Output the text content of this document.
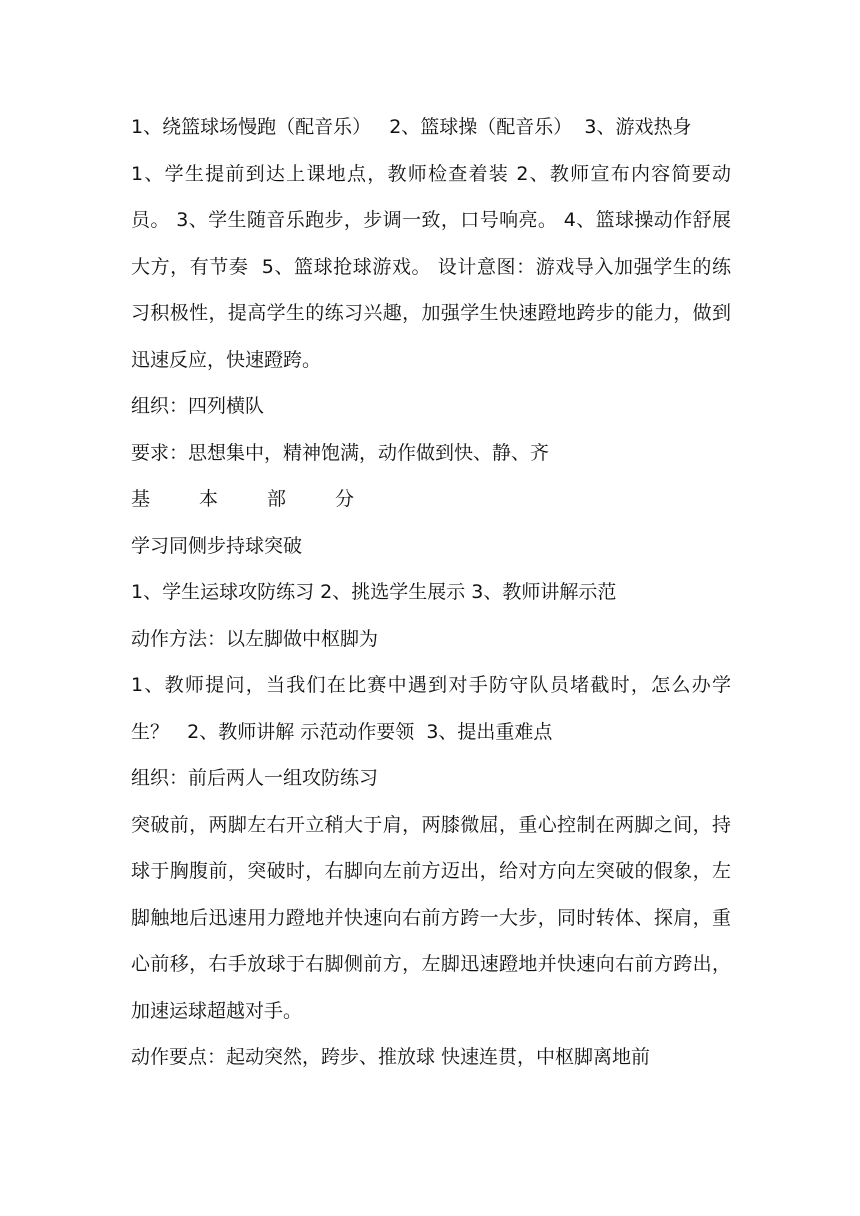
1、绕篮球场慢跑（配音乐）   2、篮球操（配音乐）  3、游戏热身

1、学生提前到达上课地点，教师检查着装 2、教师宣布内容简要动员。 3、学生随音乐跑步，步调一致，口号响亮。 4、篮球操动作舒展大方，有节奏  5、篮球抢球游戏。 设计意图：游戏导入加强学生的练习积极性，提高学生的练习兴趣，加强学生快速蹬地跨步的能力，做到迅速反应，快速蹬跨。

组织：四列横队

要求：思想集中，精神饱满，动作做到快、静、齐

基	本	部	分

学习同侧步持球突破

1、学生运球攻防练习 2、挑选学生展示 3、教师讲解示范

动作方法：以左脚做中枢脚为

1、教师提问，当我们在比赛中遇到对手防守队员堵截时，怎么办学生？   2、教师讲解 示范动作要领  3、提出重难点

组织：前后两人一组攻防练习

突破前，两脚左右开立稍大于肩，两膝微屈，重心控制在两脚之间，持球于胸腹前，突破时，右脚向左前方迈出，给对方向左突破的假象，左脚触地后迅速用力蹬地并快速向右前方跨一大步，同时转体、探肩，重心前移，右手放球于右脚侧前方，左脚迅速蹬地并快速向右前方跨出，加速运球超越对手。

动作要点：起动突然，跨步、推放球 快速连贯，中枢脚离地前
